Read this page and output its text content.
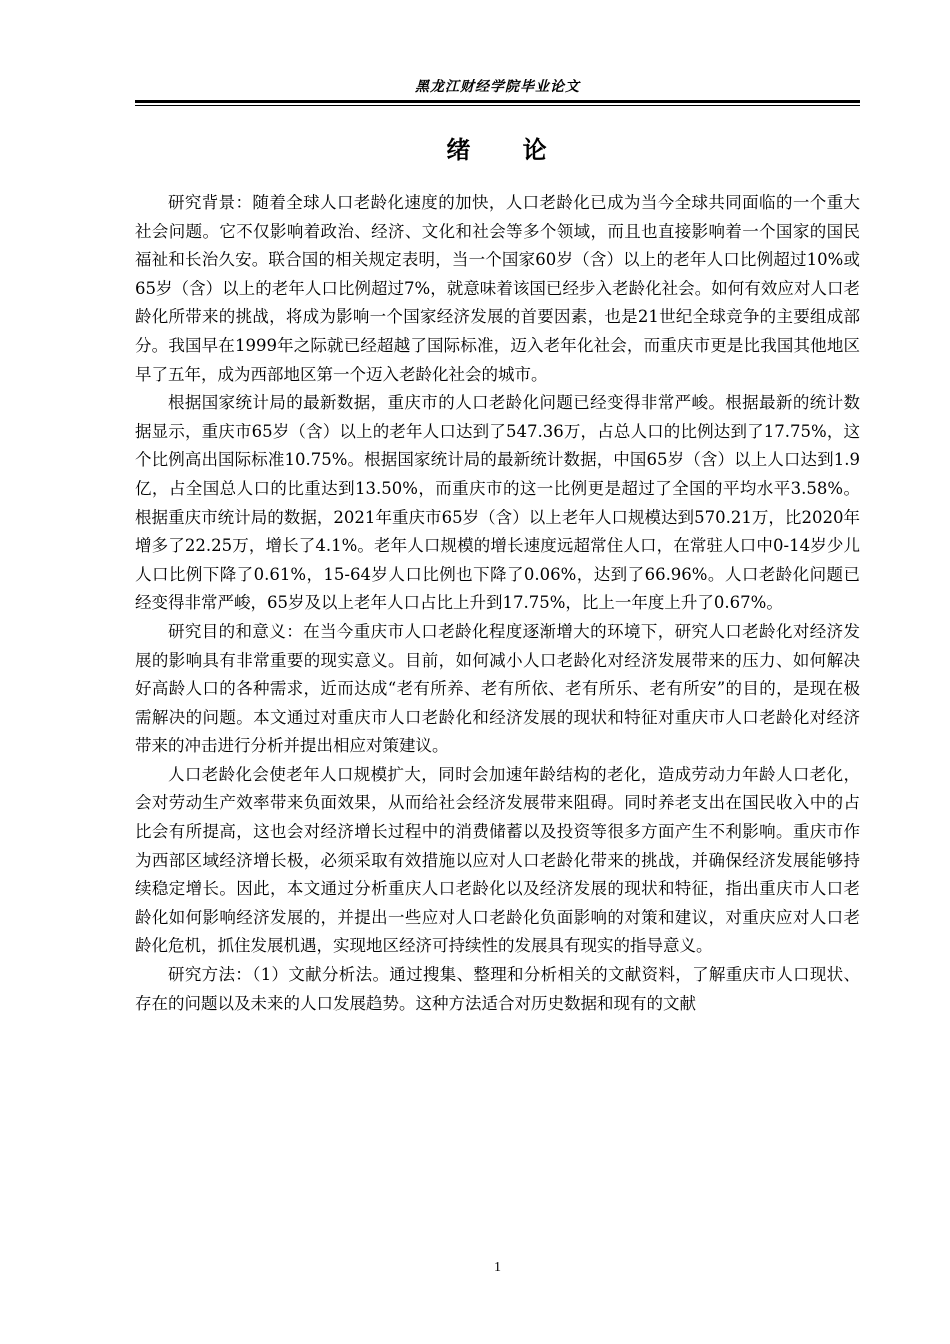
黑龙江财经学院毕业论文
绪 论

研究背景：随着全球人口老龄化速度的加快，人口老龄化已成为当今全球共同面临的一个重大社会问题。它不仅影响着政治、经济、文化和社会等多个领域，而且也直接影响着一个国家的国民福祉和长治久安。联合国的相关规定表明，当一个国家60岁（含）以上的老年人口比例超过10%或65岁（含）以上的老年人口比例超过7%，就意味着该国已经步入老龄化社会。如何有效应对人口老龄化所带来的挑战，将成为影响一个国家经济发展的首要因素，也是21世纪全球竞争的主要组成部分。我国早在1999年之际就已经超越了国际标准，迈入老年化社会，而重庆市更是比我国其他地区早了五年，成为西部地区第一个迈入老龄化社会的城市。

根据国家统计局的最新数据，重庆市的人口老龄化问题已经变得非常严峻。根据最新的统计数据显示，重庆市65岁（含）以上的老年人口达到了547.36万，占总人口的比例达到了17.75%，这个比例高出国际标准10.75%。根据国家统计局的最新统计数据，中国65岁（含）以上人口达到1.9亿，占全国总人口的比重达到13.50%，而重庆市的这一比例更是超过了全国的平均水平3.58%。根据重庆市统计局的数据，2021年重庆市65岁（含）以上老年人口规模达到570.21万，比2020年增多了22.25万，增长了4.1%。老年人口规模的增长速度远超常住人口，在常驻人口中0-14岁少儿人口比例下降了0.61%，15-64岁人口比例也下降了0.06%，达到了66.96%。人口老龄化问题已经变得非常严峻，65岁及以上老年人口占比上升到17.75%，比上一年度上升了0.67%。

研究目的和意义：在当今重庆市人口老龄化程度逐渐增大的环境下，研究人口老龄化对经济发展的影响具有非常重要的现实意义。目前，如何减小人口老龄化对经济发展带来的压力、如何解决好高龄人口的各种需求，近而达成“老有所养、老有所依、老有所乐、老有所安”的目的，是现在极需解决的问题。本文通过对重庆市人口老龄化和经济发展的现状和特征对重庆市人口老龄化对经济带来的冲击进行分析并提出相应对策建议。

人口老龄化会使老年人口规模扩大，同时会加速年龄结构的老化，造成劳动力年龄人口老化，会对劳动生产效率带来负面效果，从而给社会经济发展带来阻碍。同时养老支出在国民收入中的占比会有所提高，这也会对经济增长过程中的消费储蓄以及投资等很多方面产生不利影响。重庆市作为西部区域经济增长极，必须采取有效措施以应对人口老龄化带来的挑战，并确保经济发展能够持续稳定增长。因此，本文通过分析重庆人口老龄化以及经济发展的现状和特征，指出重庆市人口老龄化如何影响经济发展的，并提出一些应对人口老龄化负面影响的对策和建议，对重庆应对人口老龄化危机，抓住发展机遇，实现地区经济可持续性的发展具有现实的指导意义。

研究方法：（1）文献分析法。通过搜集、整理和分析相关的文献资料，了解重庆市人口现状、存在的问题以及未来的人口发展趋势。这种方法适合对历史数据和现有的文献

1
